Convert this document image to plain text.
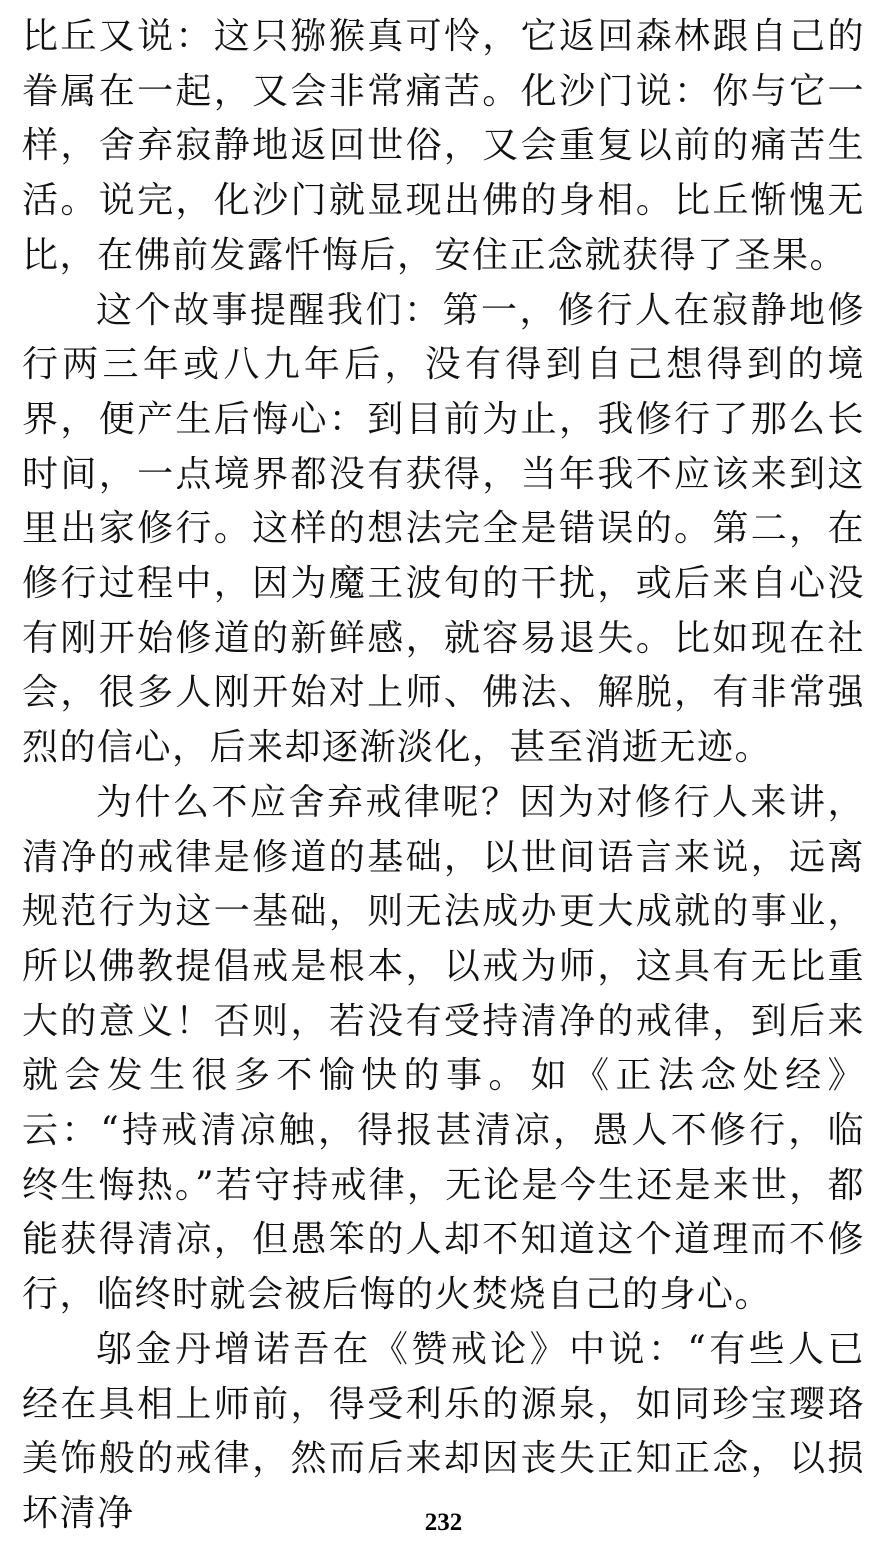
比丘又说：这只猕猴真可怜，它返回森林跟自己的眷属在一起，又会非常痛苦。化沙门说：你与它一样，舍弃寂静地返回世俗，又会重复以前的痛苦生活。说完，化沙门就显现出佛的身相。比丘惭愧无比，在佛前发露忏悔后，安住正念就获得了圣果。

这个故事提醒我们：第一，修行人在寂静地修行两三年或八九年后，没有得到自己想得到的境界，便产生后悔心：到目前为止，我修行了那么长时间，一点境界都没有获得，当年我不应该来到这里出家修行。这样的想法完全是错误的。第二，在修行过程中，因为魔王波旬的干扰，或后来自心没有刚开始修道的新鲜感，就容易退失。比如现在社会，很多人刚开始对上师、佛法、解脱，有非常强烈的信心，后来却逐渐淡化，甚至消逝无迹。

为什么不应舍弃戒律呢？因为对修行人来讲，清净的戒律是修道的基础，以世间语言来说，远离规范行为这一基础，则无法成办更大成就的事业，所以佛教提倡戒是根本，以戒为师，这具有无比重大的意义！否则，若没有受持清净的戒律，到后来就会发生很多不愉快的事。如《正法念处经》云：“持戒清凉触，得报甚清凉，愚人不修行，临终生悔热。”若守持戒律，无论是今生还是来世，都能获得清凉，但愚笨的人却不知道这个道理而不修行，临终时就会被后悔的火焚烧自己的身心。

邬金丹增诺吾在《赞戒论》中说：“有些人已经在具相上师前，得受利乐的源泉，如同珍宝璎珞美饰般的戒律，然而后来却因丧失正知正念，以损坏清净	232
